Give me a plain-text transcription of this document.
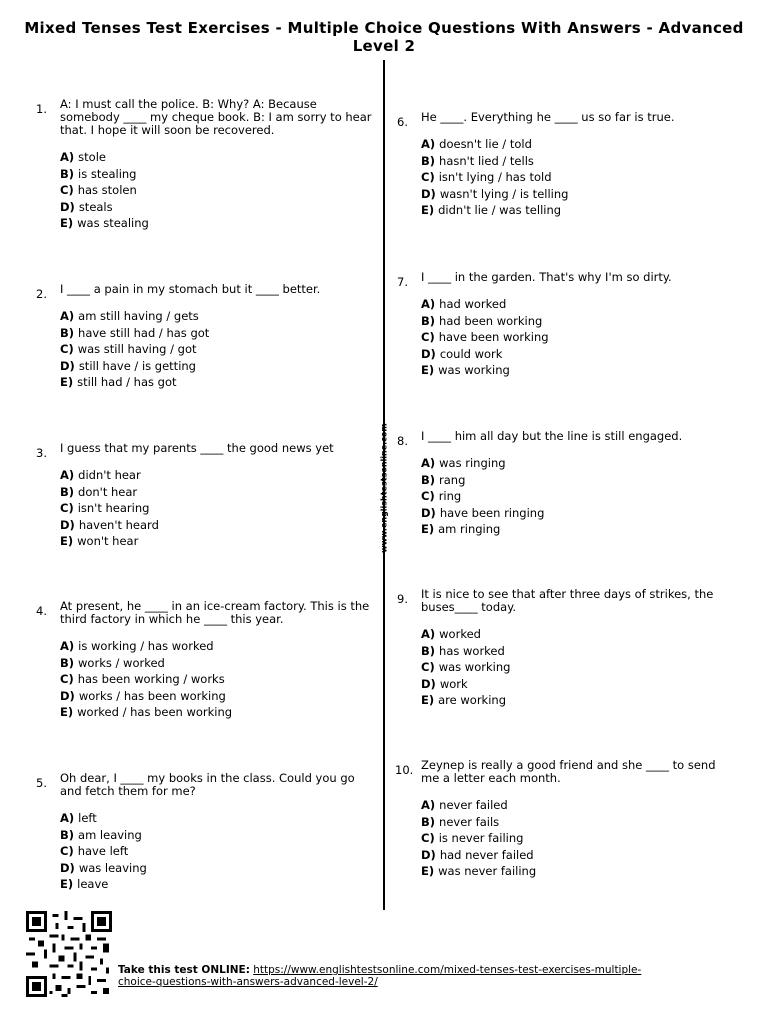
Mixed Tenses Test Exercises - Multiple Choice Questions With Answers - Advanced Level 2
www.englishtestsonline.com
1. A: I must call the police. B: Why? A: Because somebody ____ my cheque book. B: I am sorry to hear that. I hope it will soon be recovered.
A) stole
B) is stealing
C) has stolen
D) steals
E) was stealing
2. I ____ a pain in my stomach but it ____ better.
A) am still having / gets
B) have still had / has got
C) was still having / got
D) still have / is getting
E) still had / has got
3. I guess that my parents ____ the good news yet
A) didn't hear
B) don't hear
C) isn't hearing
D) haven't heard
E) won't hear
4. At present, he ____ in an ice-cream factory. This is the third factory in which he ____ this year.
A) is working / has worked
B) works / worked
C) has been working / works
D) works / has been working
E) worked / has been working
5. Oh dear, I ____ my books in the class. Could you go and fetch them for me?
A) left
B) am leaving
C) have left
D) was leaving
E) leave
6. He ____. Everything he ____ us so far is true.
A) doesn't lie / told
B) hasn't lied / tells
C) isn't lying / has told
D) wasn't lying / is telling
E) didn't lie / was telling
7. I ____ in the garden. That's why I'm so dirty.
A) had worked
B) had been working
C) have been working
D) could work
E) was working
8. I ____ him all day but the line is still engaged.
A) was ringing
B) rang
C) ring
D) have been ringing
E) am ringing
9. It is nice to see that after three days of strikes, the buses____ today.
A) worked
B) has worked
C) was working
D) work
E) are working
10. Zeynep is really a good friend and she ____ to send me a letter each month.
A) never failed
B) never fails
C) is never failing
D) had never failed
E) was never failing
Take this test ONLINE: https://www.englishtestsonline.com/mixed-tenses-test-exercises-multiple-choice-questions-with-answers-advanced-level-2/
